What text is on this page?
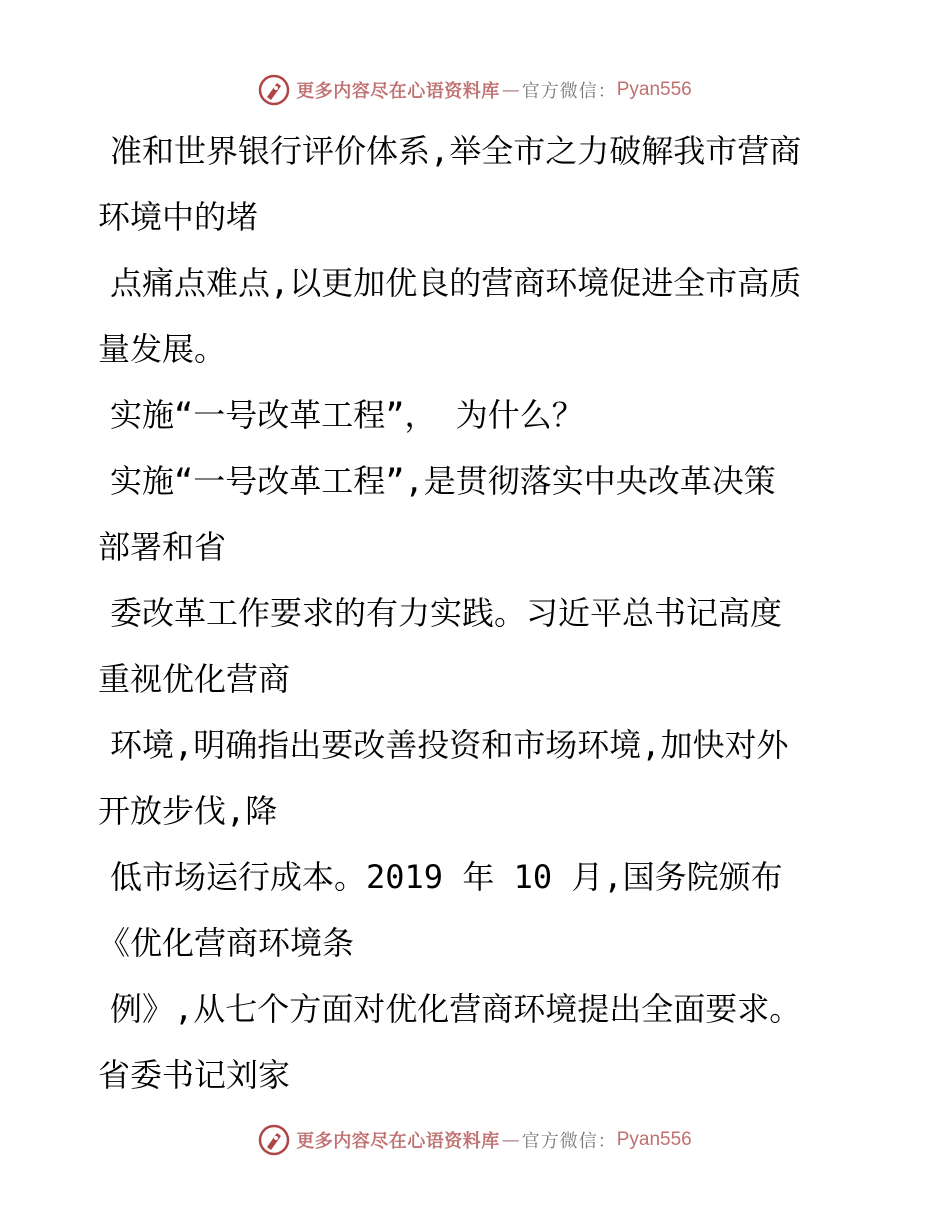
更多内容尽在心语资料库 — 官方微信： Pyan556
准和世界银行评价体系,举全市之力破解我市营商
环境中的堵
点痛点难点,以更加优良的营商环境促进全市高质
量发展。
实施“一号改革工程”， 为什么？
实施“一号改革工程”,是贯彻落实中央改革决策
部署和省
委改革工作要求的有力实践。习近平总书记高度
重视优化营商
环境,明确指出要改善投资和市场环境,加快对外
开放步伐,降
低市场运行成本。2019 年 10 月,国务院颁布
《优化营商环境条
例》,从七个方面对优化营商环境提出全面要求。
省委书记刘家
更多内容尽在心语资料库 — 官方微信： Pyan556
